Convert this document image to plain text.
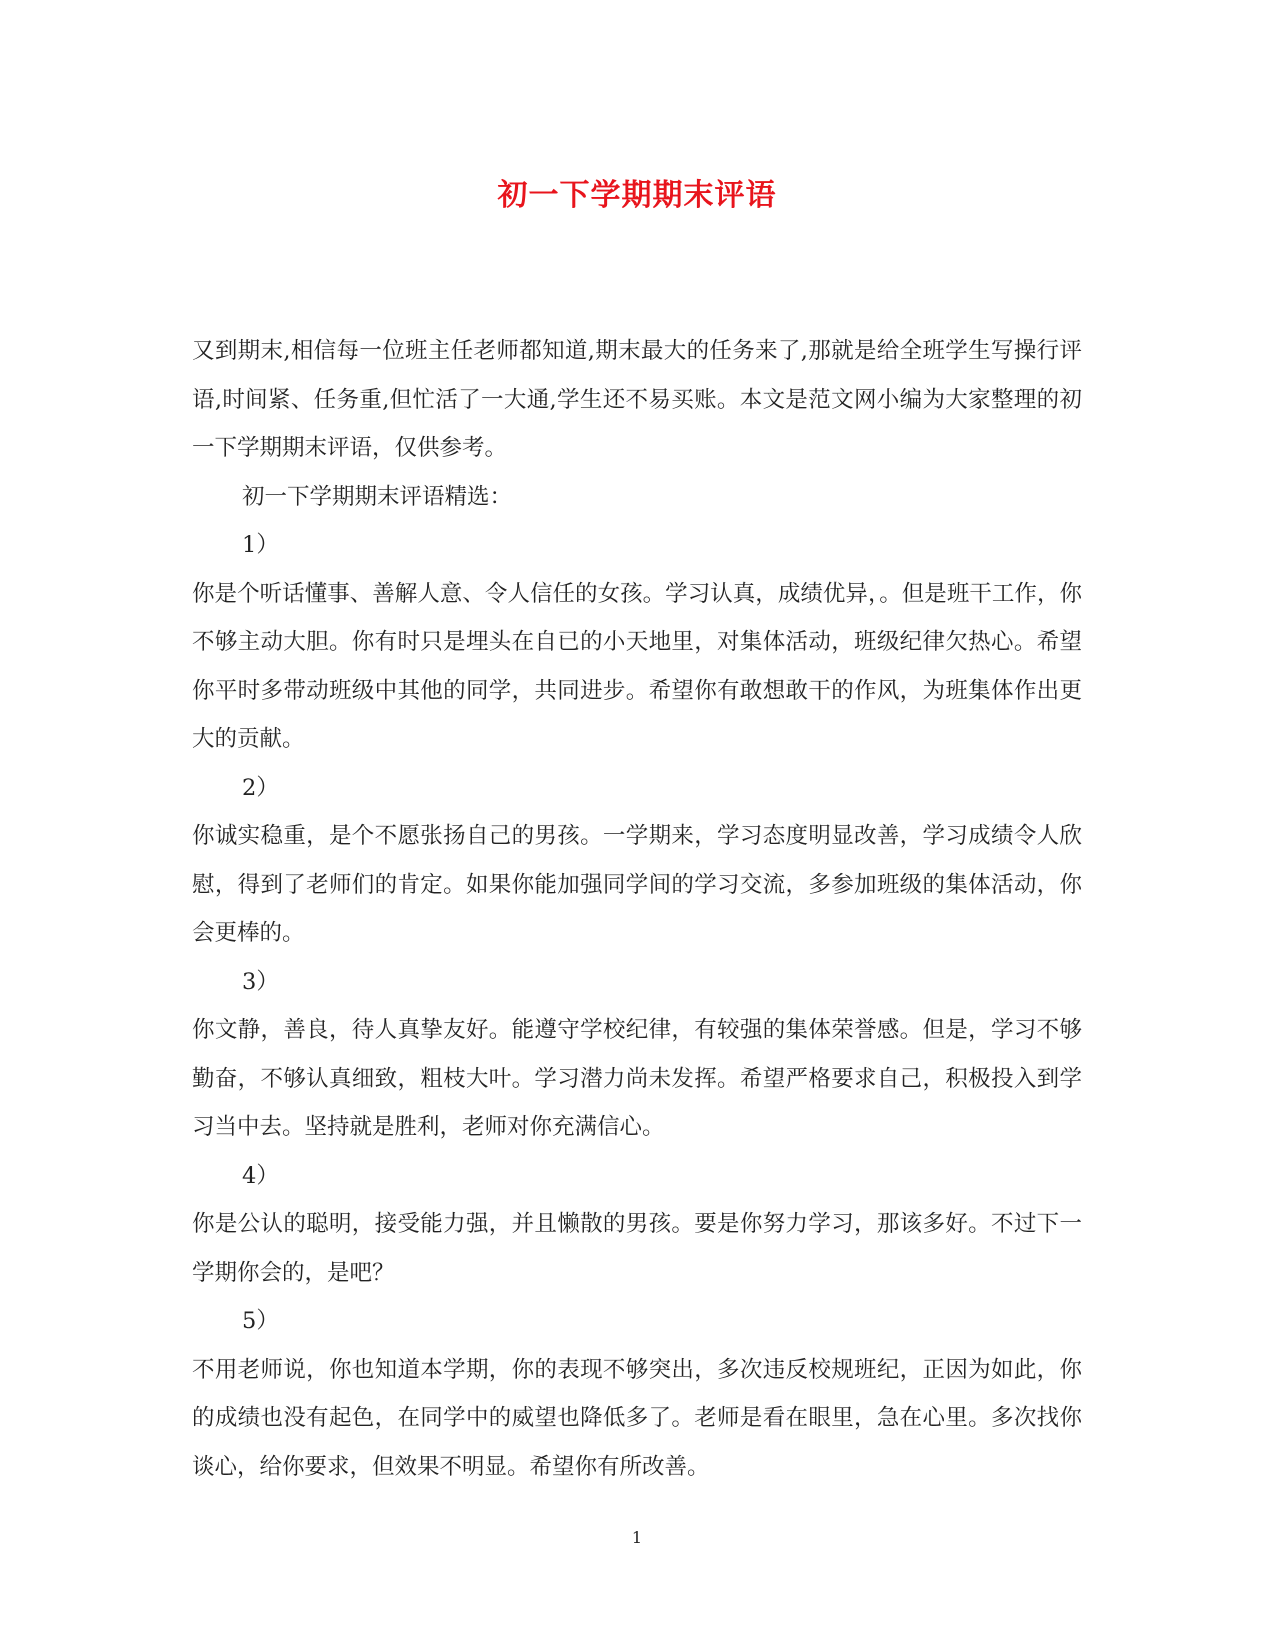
初一下学期期末评语

又到期末,相信每一位班主任老师都知道,期末最大的任务来了,那就是给全班学生写操行评语,时间紧、任务重,但忙活了一大通,学生还不易买账。本文是范文网小编为大家整理的初一下学期期末评语，仅供参考。

初一下学期期末评语精选：

1）

你是个听话懂事、善解人意、令人信任的女孩。学习认真，成绩优异，。但是班干工作，你不够主动大胆。你有时只是埋头在自已的小天地里，对集体活动，班级纪律欠热心。希望你平时多带动班级中其他的同学，共同进步。希望你有敢想敢干的作风，为班集体作出更大的贡献。

2）

你诚实稳重，是个不愿张扬自己的男孩。一学期来，学习态度明显改善，学习成绩令人欣慰，得到了老师们的肯定。如果你能加强同学间的学习交流，多参加班级的集体活动，你会更棒的。

3）

你文静，善良，待人真挚友好。能遵守学校纪律，有较强的集体荣誉感。但是，学习不够勤奋，不够认真细致，粗枝大叶。学习潜力尚未发挥。希望严格要求自己，积极投入到学习当中去。坚持就是胜利，老师对你充满信心。

4）

你是公认的聪明，接受能力强，并且懒散的男孩。要是你努力学习，那该多好。不过下一学期你会的，是吧？

5）

不用老师说，你也知道本学期，你的表现不够突出，多次违反校规班纪，正因为如此，你的成绩也没有起色，在同学中的威望也降低多了。老师是看在眼里，急在心里。多次找你谈心，给你要求，但效果不明显。希望你有所改善。

1
